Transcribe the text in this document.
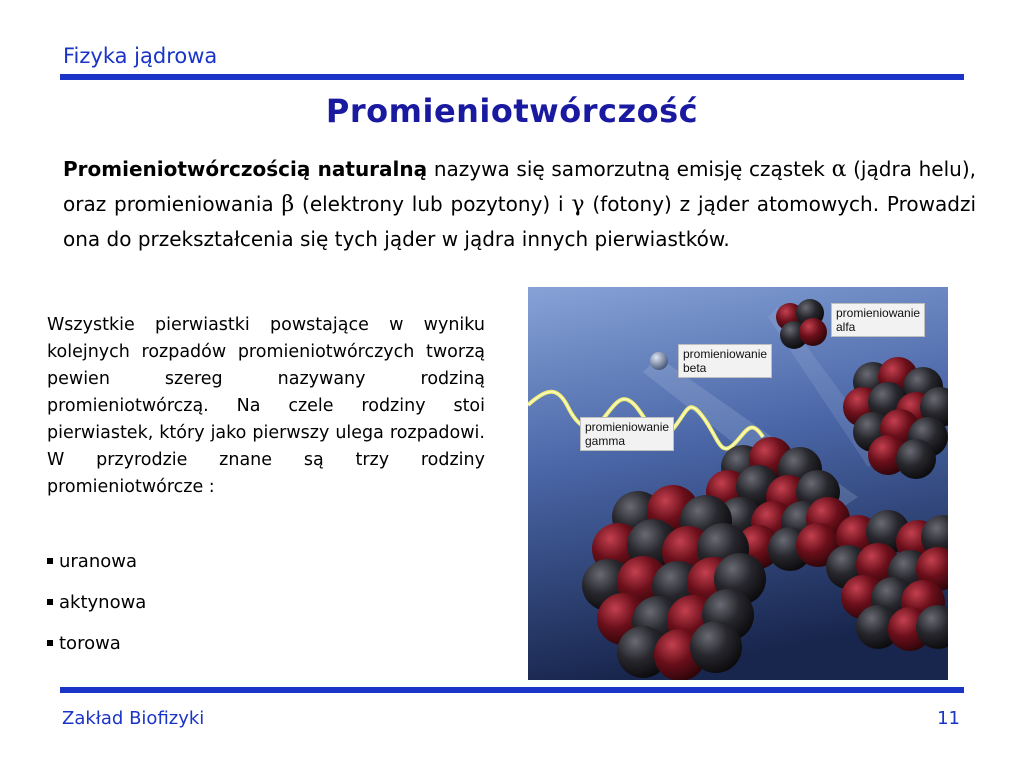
Fizyka jądrowa
Promieniotwórczość
Promieniotwórczością naturalną nazywa się samorzutną emisję cząstek α (jądra helu), oraz promieniowania β (elektrony lub pozytony) i γ (fotony) z jąder atomowych. Prowadzi ona do przekształcenia się tych jąder w jądra innych pierwiastków.
Wszystkie pierwiastki powstające w wyniku kolejnych rozpadów promieniotwórczych tworzą pewien szereg nazywany rodziną promieniotwórczą. Na czele rodziny stoi pierwiastek, który jako pierwszy ulega rozpadowi. W przyrodzie znane są trzy rodziny promieniotwórcze :
uranowa
aktynowa
torowa
promieniowanie
alfa
promieniowanie
beta
promieniowanie
gamma
Zakład Biofizyki	11
